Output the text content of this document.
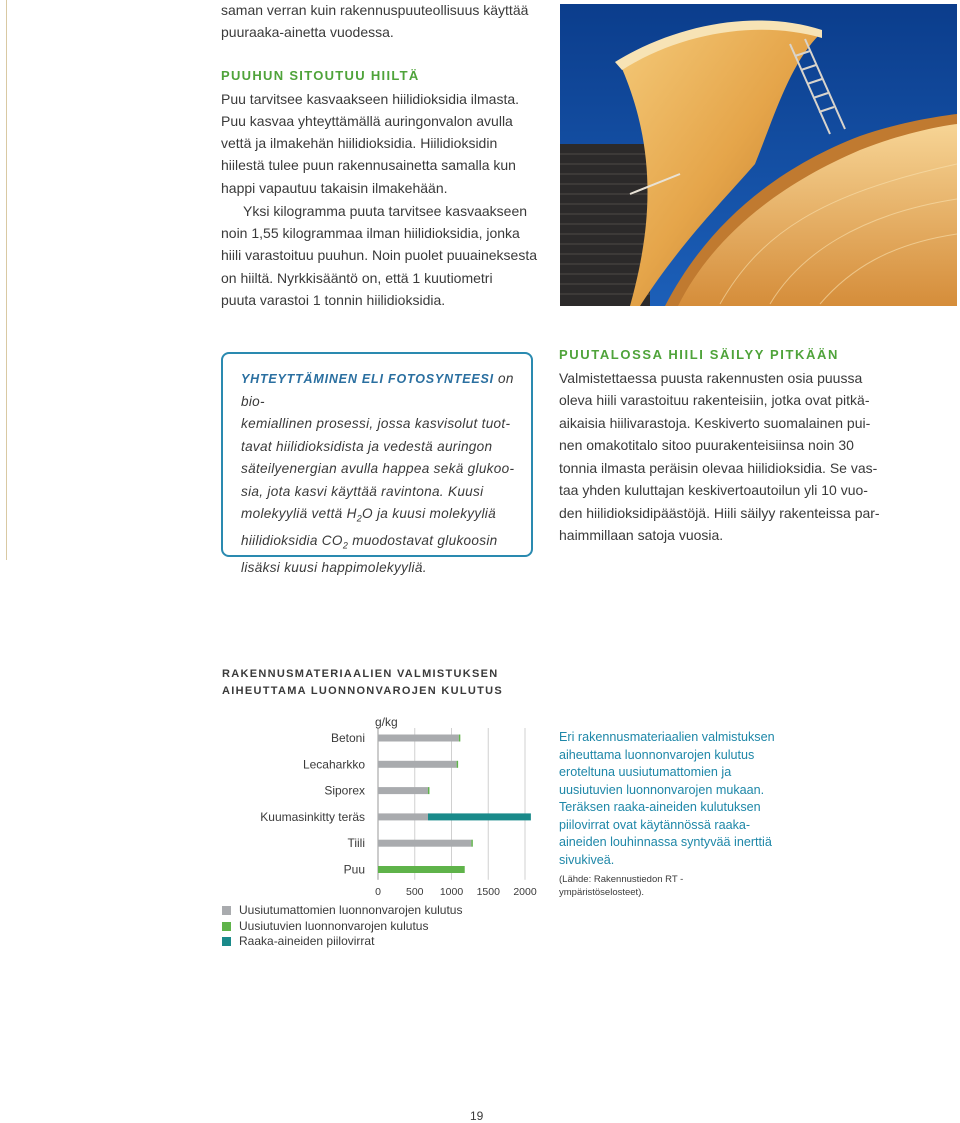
saman verran kuin rakennuspuuteollisuus käyttää

puuraaka-ainetta vuodessa.

PUUHUN SITOUTUU HIILTÄ

Puu tarvitsee kasvaakseen hiilidioksidia ilmasta.

Puu kasvaa yhteyttämällä auringonvalon avulla

vettä ja ilmakehän hiilidioksidia. Hiilidioksidin

hiilestä tulee puun rakennusainetta samalla kun

happi vapautuu takaisin ilmakehään.

Yksi kilogramma puuta tarvitsee kasvaakseen

noin 1,55 kilogrammaa ilman hiilidioksidia, jonka

hiili varastoituu puuhun. Noin puolet puuaineksesta

on hiiltä. Nyrkkisääntö on, että 1 kuutiometri

puuta varastoi 1 tonnin hiilidioksidia.

YHTEYTTÄMINEN ELI FOTOSYNTEESI on bio-
kemiallinen prosessi, jossa kasvisolut tuot-
tavat hiilidioksidista ja vedestä auringon
säteilyenergian avulla happea sekä glukoo-
sia, jota kasvi käyttää ravintona. Kuusi
molekyyliä vettä $H_2O$ ja kuusi molekyyliä
hiilidioksidia $CO_2$ muodostavat glukoosin
lisäksi kuusi happimolekyyliä.

PUUTALOSSA HIILI SÄILYY PITKÄÄN

Valmistettaessa puusta rakennusten osia puussa

oleva hiili varastoituu rakenteisiin, jotka ovat pitkä-

aikaisia hiilivarastoja. Keskiverto suomalainen pui-

nen omakotitalo sitoo puurakenteisiinsa noin 30

tonnia ilmasta peräisin olevaa hiilidioksidia. Se vas-

taa yhden kuluttajan keskivertoautoilun yli 10 vuo-

den hiilidioksidipäästöjä. Hiili säilyy rakenteissa par-

haimmillaan satoja vuosia.

RAKENNUSMATERIAALIEN VALMISTUKSEN
AIHEUTTAMA LUONNONVAROJEN KULUTUS

g/kg
0 500 1000 1500 2000
Betoni
Lecaharkko
Siporex
Kuumasinkitty teräs
Tiili
Puu
Uusiutumattomien luonnonvarojen kulutus
Uusiutuvien luonnonvarojen kulutus
Raaka-aineiden piilovirrat

Eri rakennusmateriaalien valmistuksen aiheuttama luonnonvarojen kulutus eroteltuna uusiutumattomien ja uusiutuvien luonnonvarojen mukaan. Teräksen raaka-aineiden kulutuksen piilovirrat ovat käytännössä raaka-aineiden louhinnassa syntyvää inerttiä sivukiveä.

(Lähde: Rakennustiedon RT -ympäristöselosteet).

19
